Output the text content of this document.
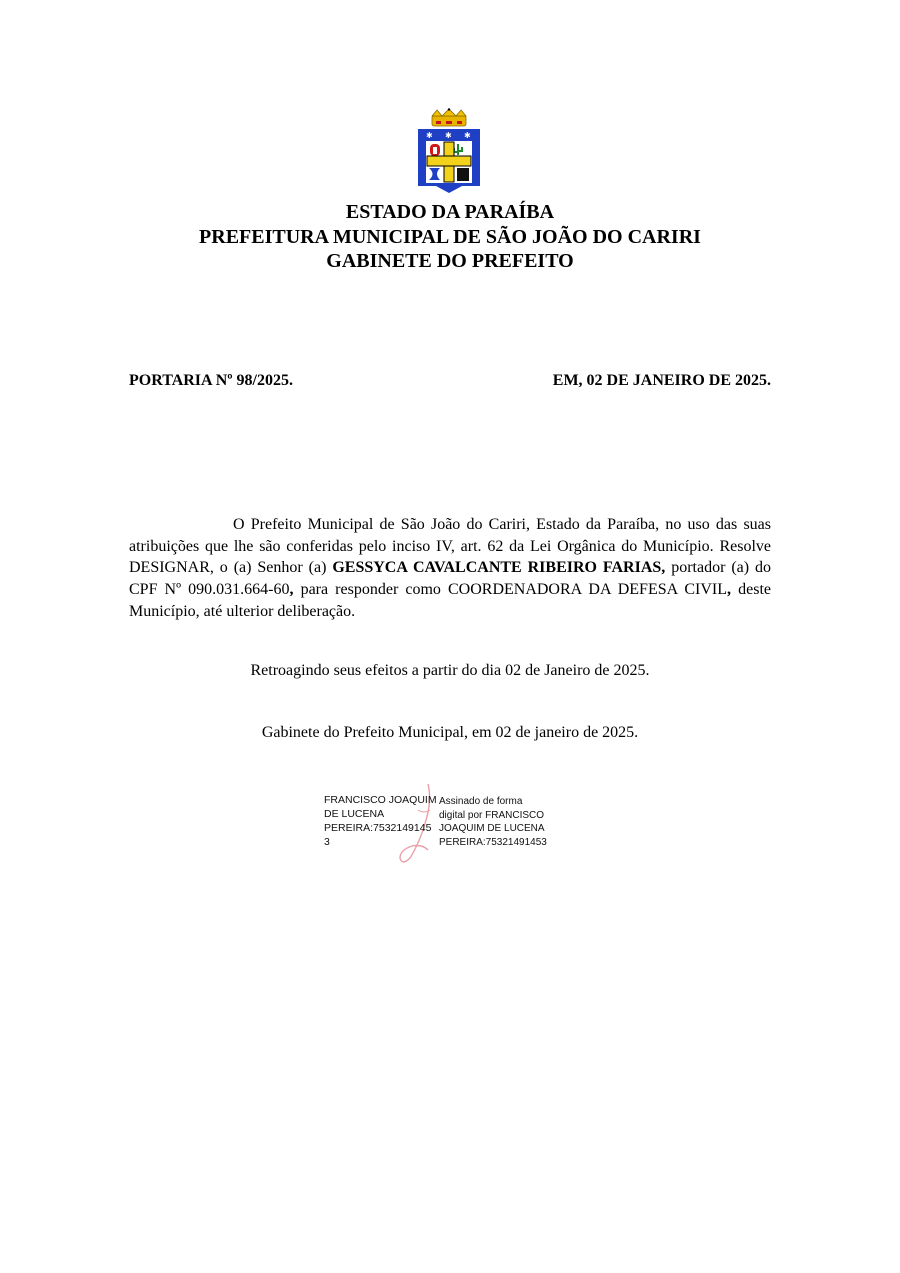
✱ ✱ ✱
ESTADO DA PARAÍBA
PREFEITURA MUNICIPAL DE SÃO JOÃO DO CARIRI
GABINETE DO PREFEITO
PORTARIA Nº 98/2025.	EM, 02 DE JANEIRO DE 2025.
O Prefeito Municipal de São João do Cariri, Estado da Paraíba, no uso das suas atribuições que lhe são conferidas pelo inciso IV, art. 62 da Lei Orgânica do Município. Resolve DESIGNAR, o (a) Senhor (a) GESSYCA CAVALCANTE RIBEIRO FARIAS, portador (a) do CPF Nº 090.031.664-60, para responder como COORDENADORA DA DEFESA CIVIL, deste Município, até ulterior deliberação.
Retroagindo seus efeitos a partir do dia 02 de Janeiro de 2025.
Gabinete do Prefeito Municipal, em 02 de janeiro de 2025.
FRANCISCO JOAQUIM
DE LUCENA
PEREIRA:7532149145
3
Assinado de forma
digital por FRANCISCO
JOAQUIM DE LUCENA
PEREIRA:75321491453
